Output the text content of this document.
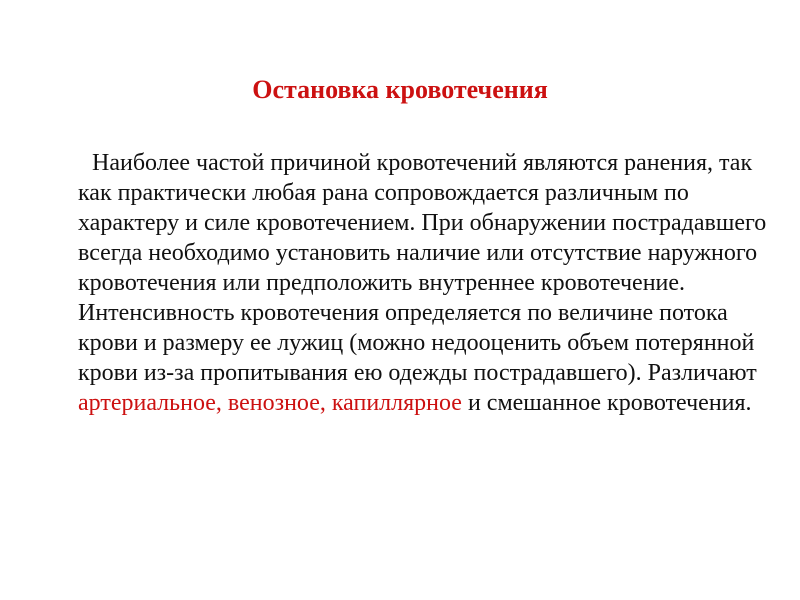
Остановка кровотечения

Наиболее частой причиной кровотечений являются ранения, так как практически любая рана сопровождается различным по характеру и силе кровотечением. При обнаружении пострадавшего всегда необходимо установить наличие или отсутствие наружного кровотечения или предположить внутреннее кровотечение. Интенсивность кровотечения определяется по величине потока крови и размеру ее лужиц (можно недооценить объем потерянной крови из-за пропитывания ею одежды пострадавшего). Различают артериальное, венозное, капиллярное и смешанное кровотечения.
